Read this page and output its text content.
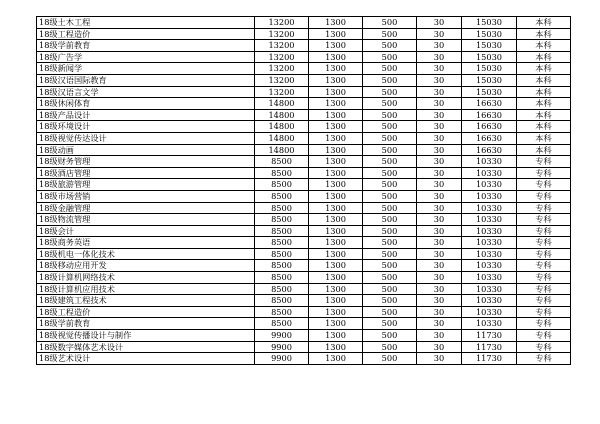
18级土木工程	13200	1300	500	30	15030	本科
18级工程造价	13200	1300	500	30	15030	本科
18级学前教育	13200	1300	500	30	15030	本科
18级广告学	13200	1300	500	30	15030	本科
18级新闻学	13200	1300	500	30	15030	本科
18级汉语国际教育	13200	1300	500	30	15030	本科
18级汉语言文学	13200	1300	500	30	15030	本科
18级休闲体育	14800	1300	500	30	16630	本科
18级产品设计	14800	1300	500	30	16630	本科
18级环境设计	14800	1300	500	30	16630	本科
18级视觉传达设计	14800	1300	500	30	16630	本科
18级动画	14800	1300	500	30	16630	本科
18级财务管理	8500	1300	500	30	10330	专科
18级酒店管理	8500	1300	500	30	10330	专科
18级旅游管理	8500	1300	500	30	10330	专科
18级市场营销	8500	1300	500	30	10330	专科
18级金融管理	8500	1300	500	30	10330	专科
18级物流管理	8500	1300	500	30	10330	专科
18级会计	8500	1300	500	30	10330	专科
18级商务英语	8500	1300	500	30	10330	专科
18级机电一体化技术	8500	1300	500	30	10330	专科
18级移动应用开发	8500	1300	500	30	10330	专科
18级计算机网络技术	8500	1300	500	30	10330	专科
18级计算机应用技术	8500	1300	500	30	10330	专科
18级建筑工程技术	8500	1300	500	30	10330	专科
18级工程造价	8500	1300	500	30	10330	专科
18级学前教育	8500	1300	500	30	10330	专科
18级视觉传播设计与制作	9900	1300	500	30	11730	专科
18级数字媒体艺术设计	9900	1300	500	30	11730	专科
18级艺术设计	9900	1300	500	30	11730	专科
